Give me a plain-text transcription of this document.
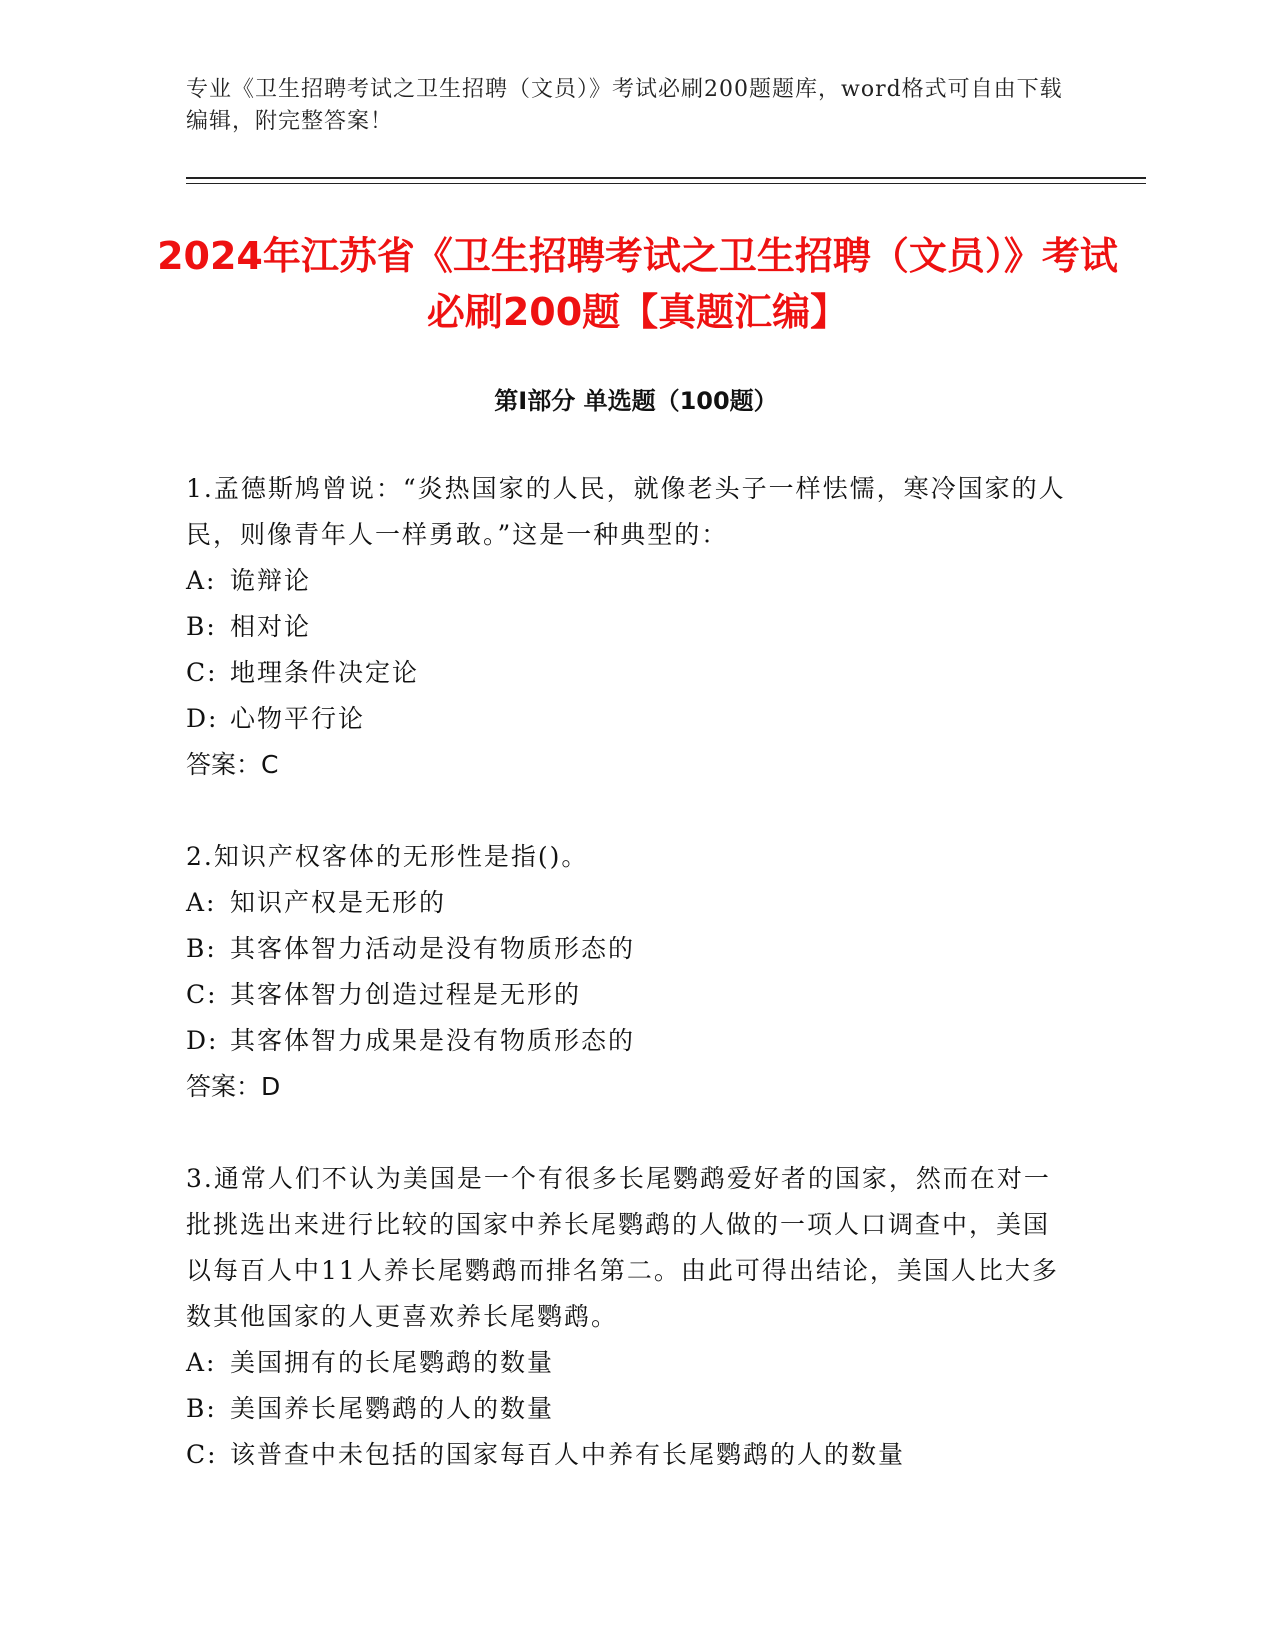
专业《卫生招聘考试之卫生招聘（文员）》考试必刷200题题库，word格式可自由下载编辑，附完整答案！
2024年江苏省《卫生招聘考试之卫生招聘（文员）》考试必刷200题【真题汇编】
第Ⅰ部分 单选题（100题）

1.孟德斯鸠曾说：“炎热国家的人民，就像老头子一样怯懦，寒冷国家的人民，则像青年人一样勇敢。”这是一种典型的：

A: 诡辩论

B: 相对论

C: 地理条件决定论

D: 心物平行论

答案：C

2.知识产权客体的无形性是指()。

A: 知识产权是无形的

B: 其客体智力活动是没有物质形态的

C: 其客体智力创造过程是无形的

D: 其客体智力成果是没有物质形态的

答案：D

3.通常人们不认为美国是一个有很多长尾鹦鹉爱好者的国家，然而在对一批挑选出来进行比较的国家中养长尾鹦鹉的人做的一项人口调查中，美国以每百人中11人养长尾鹦鹉而排名第二。由此可得出结论，美国人比大多数其他国家的人更喜欢养长尾鹦鹉。

A: 美国拥有的长尾鹦鹉的数量

B: 美国养长尾鹦鹉的人的数量

C: 该普查中未包括的国家每百人中养有长尾鹦鹉的人的数量
